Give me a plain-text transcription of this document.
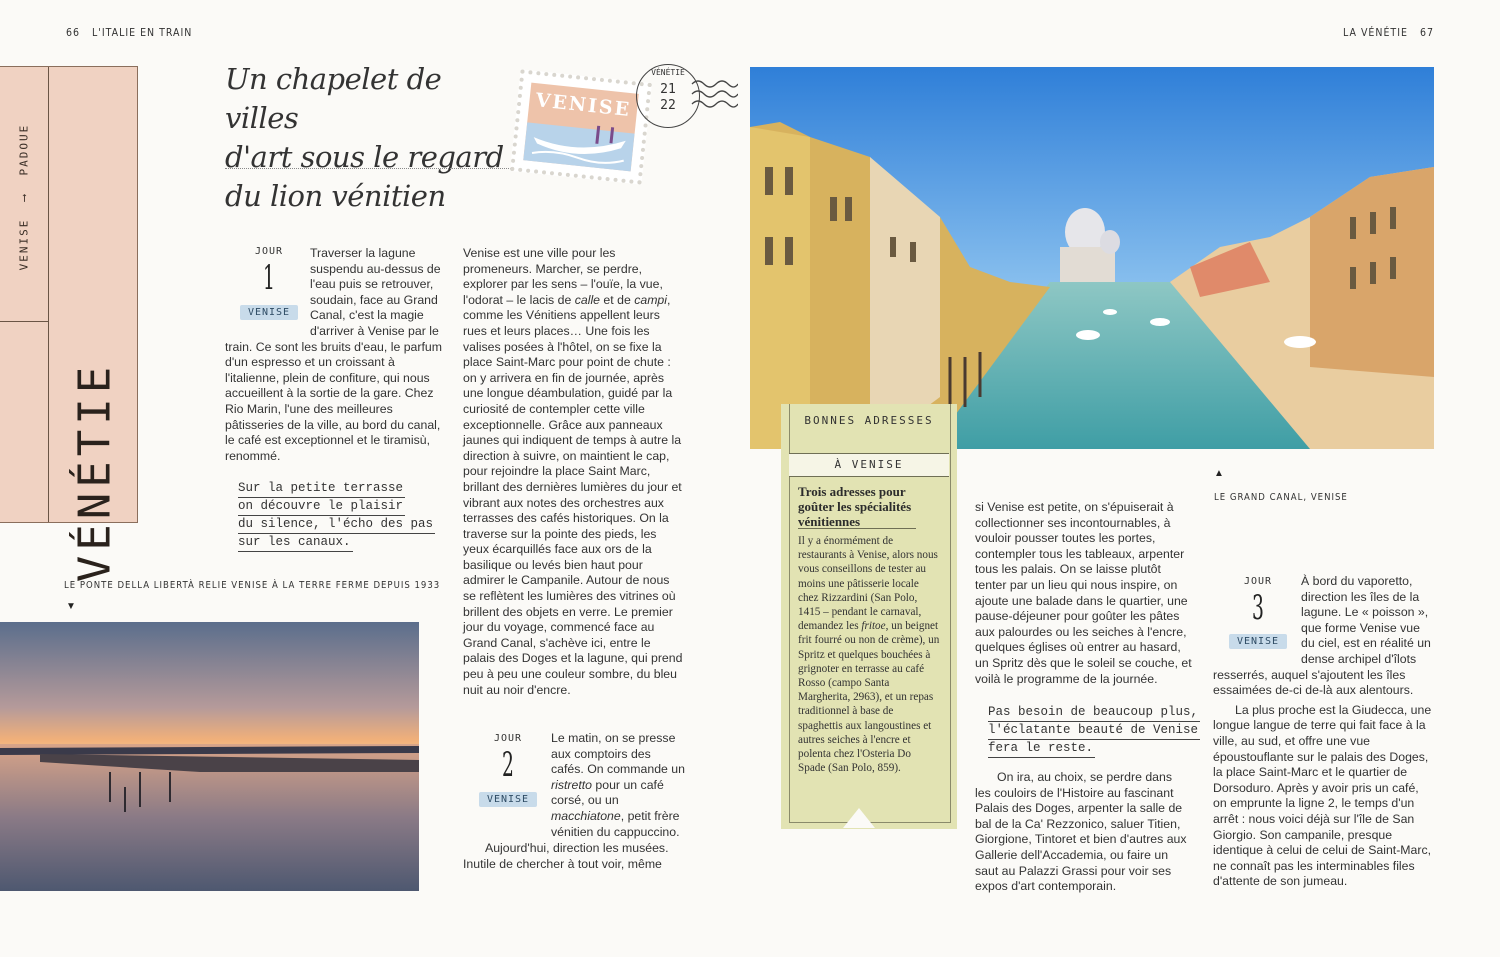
66 L'ITALIE EN TRAIN	LA VÉNÉTIE 67
VENISE  ⟶  PADOUE
VÉNÉTIE
Un chapelet de villes
d'art sous le regard
du lion vénitien
VENISE
VÉNÉTIE
21
22
JOUR
1
VENISE

Traverser la lagune suspendu au-dessus de l'eau puis se retrouver, soudain, face au Grand Canal, c'est la magie d'arriver à Venise par le train. Ce sont les bruits d'eau, le parfum d'un espresso et un croissant à l'italienne, plein de confiture, qui nous accueillent à la sortie de la gare. Chez Rio Marin, l'une des meilleures pâtisseries de la ville, au bord du canal, le café est exceptionnel et le tiramisù, renommé.

Sur la petite terrasse
on découvre le plaisir
du silence, l'écho des pas
sur les canaux.
LE PONTE DELLA LIBERTÀ RELIE VENISE À LA TERRE FERME DEPUIS 1933
▼

Venise est une ville pour les promeneurs. Marcher, se perdre, explorer par les sens – l'ouïe, la vue, l'odorat – le lacis de calle et de campi, comme les Vénitiens appellent leurs rues et leurs places… Une fois les valises posées à l'hôtel, on se fixe la place Saint-Marc pour point de chute : on y arrivera en fin de journée, après une longue déambulation, guidé par la curiosité de contempler cette ville exceptionnelle. Grâce aux panneaux jaunes qui indiquent de temps à autre la direction à suivre, on maintient le cap, pour rejoindre la place Saint Marc, brillant des dernières lumières du jour et vibrant aux notes des orchestres aux terrasses des cafés historiques. On la traverse sur la pointe des pieds, les yeux écarquillés face aux ors de la basilique ou levés bien haut pour admirer le Campanile. Autour de nous se reflètent les lumières des vitrines où brillent des objets en verre. Le premier jour du voyage, commencé face au Grand Canal, s'achève ici, entre le palais des Doges et la lagune, qui prend peu à peu une couleur sombre, du bleu nuit au noir d'encre.

JOUR
2
VENISE

Le matin, on se presse aux comptoirs des cafés. On commande un ristretto pour un café corsé, ou un macchiatone, petit frère vénitien du cappuccino.

Aujourd'hui, direction les musées. Inutile de chercher à tout voir, même

▲
LE GRAND CANAL, VENISE
BONNES ADRESSES
À VENISE
Trois adresses pour goûter les spécialités vénitiennes
Il y a énormément de restaurants à Venise, alors nous vous conseillons de tester au moins une pâtisserie locale chez Rizzardini (San Polo, 1415 – pendant le carnaval, demandez les fritoe, un beignet frit fourré ou non de crème), un Spritz et quelques bouchées à grignoter en terrasse au café Rosso (campo Santa Margherita, 2963), et un repas traditionnel à base de spaghettis aux langoustines et autres seiches à l'encre et polenta chez l'Osteria Do Spade (San Polo, 859).

si Venise est petite, on s'épuiserait à collectionner ses incontournables, à vouloir pousser toutes les portes, contempler tous les tableaux, arpenter tous les palais. On se laisse plutôt tenter par un lieu qui nous inspire, on ajoute une balade dans le quartier, une pause-déjeuner pour goûter les pâtes aux palourdes ou les seiches à l'encre, quelques églises où entrer au hasard, un Spritz dès que le soleil se couche, et voilà le programme de la journée.

Pas besoin de beaucoup plus,
l'éclatante beauté de Venise
fera le reste.

On ira, au choix, se perdre dans les couloirs de l'Histoire au fascinant Palais des Doges, arpenter la salle de bal de la Ca' Rezzonico, saluer Titien, Giorgione, Tintoret et bien d'autres aux Gallerie dell'Accademia, ou faire un saut au Palazzi Grassi pour voir ses expos d'art contemporain.

JOUR
3
VENISE

À bord du vaporetto, direction les îles de la lagune. Le « poisson », que forme Venise vue du ciel, est en réalité un dense archipel d'îlots resserrés, auquel s'ajoutent les îles essaimées de-ci de-là aux alentours.

La plus proche est la Giudecca, une longue langue de terre qui fait face à la ville, au sud, et offre une vue époustouflante sur le palais des Doges, la place Saint-Marc et le quartier de Dorsoduro. Après y avoir pris un café, on emprunte la ligne 2, le temps d'un arrêt : nous voici déjà sur l'île de San Giorgio. Son campanile, presque identique à celui de celui de Saint-Marc, ne connaît pas les interminables files d'attente de son jumeau.
